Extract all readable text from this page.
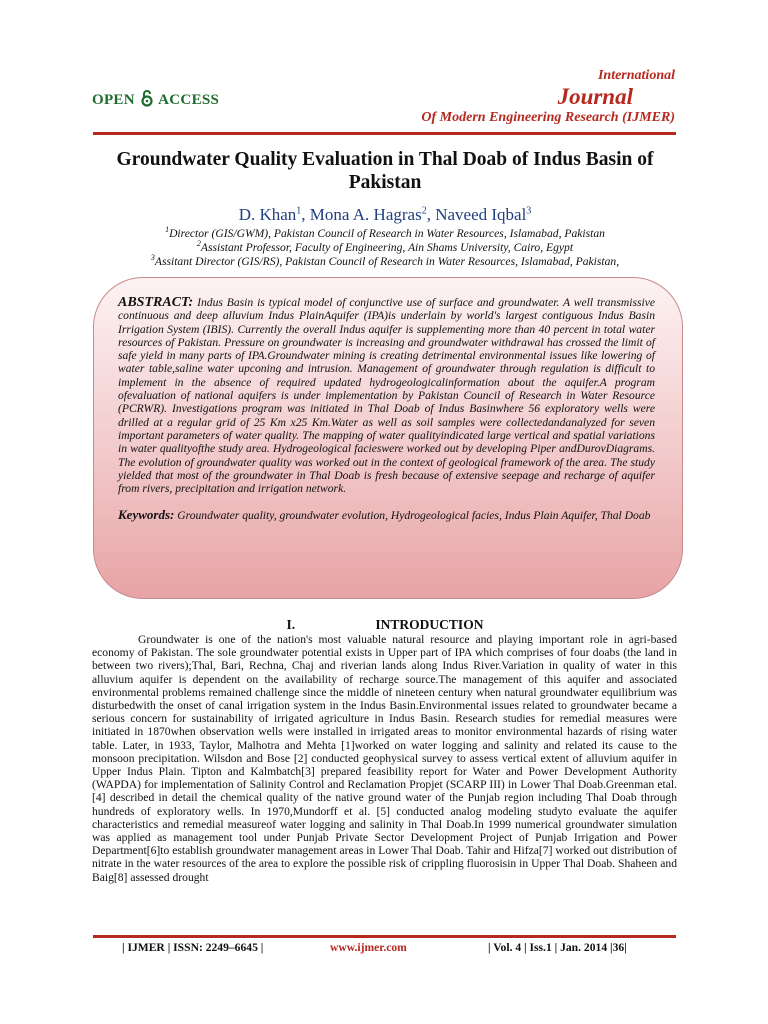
OPEN ACCESS
International
Journal
Of Modern Engineering Research (IJMER)
Groundwater Quality Evaluation in Thal Doab of Indus Basin of Pakistan
D. Khan$^1$, Mona A. Hagras$^2$, Naveed Iqbal$^3$
$^1$Director (GIS/GWM), Pakistan Council of Research in Water Resources, Islamabad, Pakistan
$^2$Assistant Professor, Faculty of Engineering, Ain Shams University, Cairo, Egypt
$^3$Assitant Director (GIS/RS), Pakistan Council of Research in Water Resources, Islamabad, Pakistan,
ABSTRACT: Indus Basin is typical model of conjunctive use of surface and groundwater. A well transmissive continuous and deep alluvium Indus PlainAquifer (IPA)is underlain by world's largest contiguous Indus Basin Irrigation System (IBIS). Currently the overall Indus aquifer is supplementing more than 40 percent in total water resources of Pakistan. Pressure on groundwater is increasing and groundwater withdrawal has crossed the limit of safe yield in many parts of IPA.Groundwater mining is creating detrimental environmental issues like lowering of water table,saline water upconing and intrusion. Management of groundwater through regulation is difficult to implement in the absence of required updated hydrogeologicalinformation about the aquifer.A program ofevaluation of national aquifers is under implementation by Pakistan Council of Research in Water Resource (PCRWR). Investigations program was initiated in Thal Doab of Indus Basinwhere 56 exploratory wells were drilled at a regular grid of 25 Km x25 Km.Water as well as soil samples were collectedandanalyzed for seven important parameters of water quality. The mapping of water qualityindicated large vertical and spatial variations in water qualityofthe study area. Hydrogeological facieswere worked out by developing Piper andDurovDiagrams. The evolution of groundwater quality was worked out in the context of geological framework of the area. The study yielded that most of the groundwater in Thal Doab is fresh because of extensive seepage and recharge of aquifer from rivers, precipitation and irrigation network.
Keywords: Groundwater quality, groundwater evolution, Hydrogeological facies, Indus Plain Aquifer, Thal Doab
I.      INTRODUCTION
Groundwater is one of the nation's most valuable natural resource and playing important role in agri-based economy of Pakistan. The sole groundwater potential exists in Upper part of IPA which comprises of four doabs (the land in between two rivers);Thal, Bari, Rechna, Chaj and riverian lands along Indus River.Variation in quality of water in this alluvium aquifer is dependent on the availability of recharge source.The management of this aquifer and associated environmental problems remained challenge since the middle of nineteen century when natural groundwater equilibrium was disturbedwith the onset of canal irrigation system in the Indus Basin.Environmental issues related to groundwater became a serious concern for sustainability of irrigated agriculture in Indus Basin. Research studies for remedial measures were initiated in 1870when observation wells were installed in irrigated areas to monitor environmental hazards of rising water table. Later, in 1933, Taylor, Malhotra and Mehta [1]worked on water logging and salinity and related its cause to the monsoon precipitation. Wilsdon and Bose [2] conducted geophysical survey to assess vertical extent of alluvium aquifer in Upper Indus Plain. Tipton and Kalmbatch[3] prepared feasibility report for Water and Power Development Authority (WAPDA) for implementation of Salinity Control and Reclamation Propjet (SCARP III) in Lower Thal Doab.Greenman etal. [4] described in detail the chemical quality of the native ground water of the Punjab region including Thal Doab through hundreds of exploratory wells. In 1970,Mundorff et al. [5] conducted analog modeling studyto evaluate the aquifer characteristics and remedial measureof water logging and salinity in Thal Doab.In 1999 numerical groundwater simulation was applied as management tool under Punjab Private Sector Development Project of Punjab Irrigation and Power Department[6]to establish groundwater management areas in Lower Thal Doab. Tahir and Hifza[7] worked out distribution of nitrate in the water resources of the area to explore the possible risk of crippling fluorosisin in Upper Thal Doab. Shaheen and Baig[8] assessed drought
| IJMER | ISSN: 2249–6645 |	www.ijmer.com	| Vol. 4 | Iss.1 | Jan. 2014 |36|
